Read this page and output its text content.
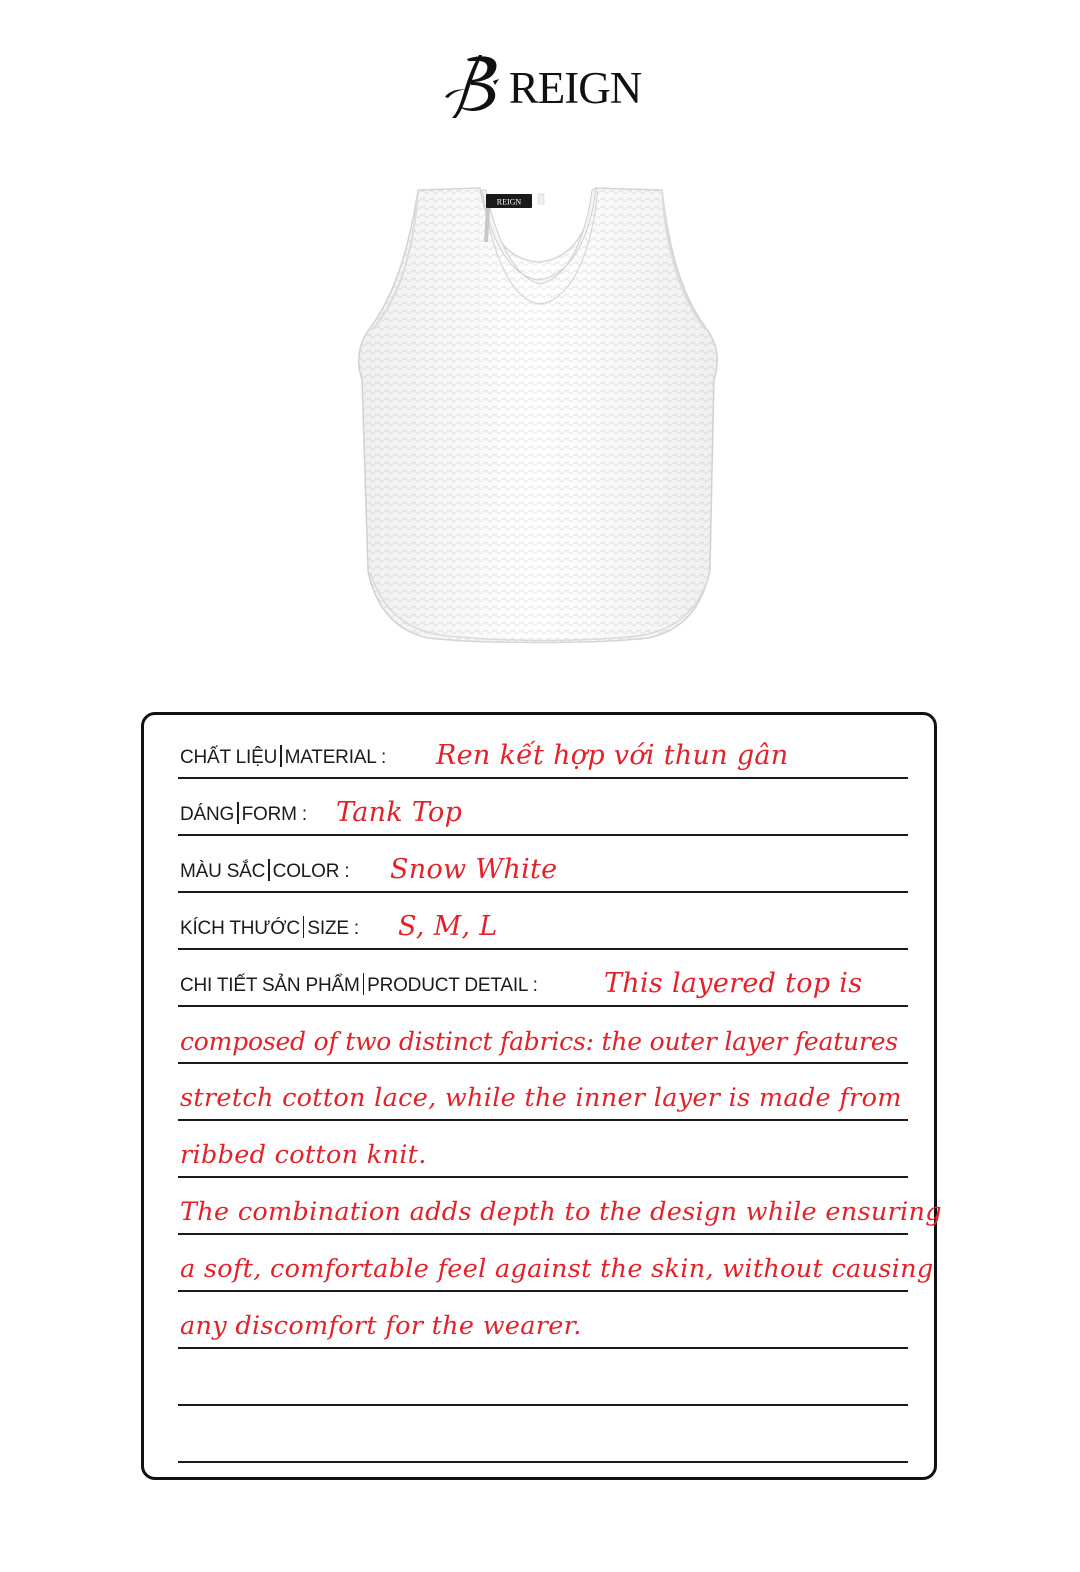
REIGN
REIGN
CHẤT LIỆU MATERIAL : Ren kết hợp với thun gân
DÁNG FORM : Tank Top
MÀU SẮC COLOR : Snow White
KÍCH THƯỚC SIZE : S, M, L
CHI TIẾT SẢN PHẨM PRODUCT DETAIL : This layered top is
composed of two distinct fabrics: the outer layer features
stretch cotton lace, while the inner layer is made from
ribbed cotton knit.
The combination adds depth to the design while ensuring
a soft, comfortable feel against the skin, without causing
any discomfort for the wearer.
